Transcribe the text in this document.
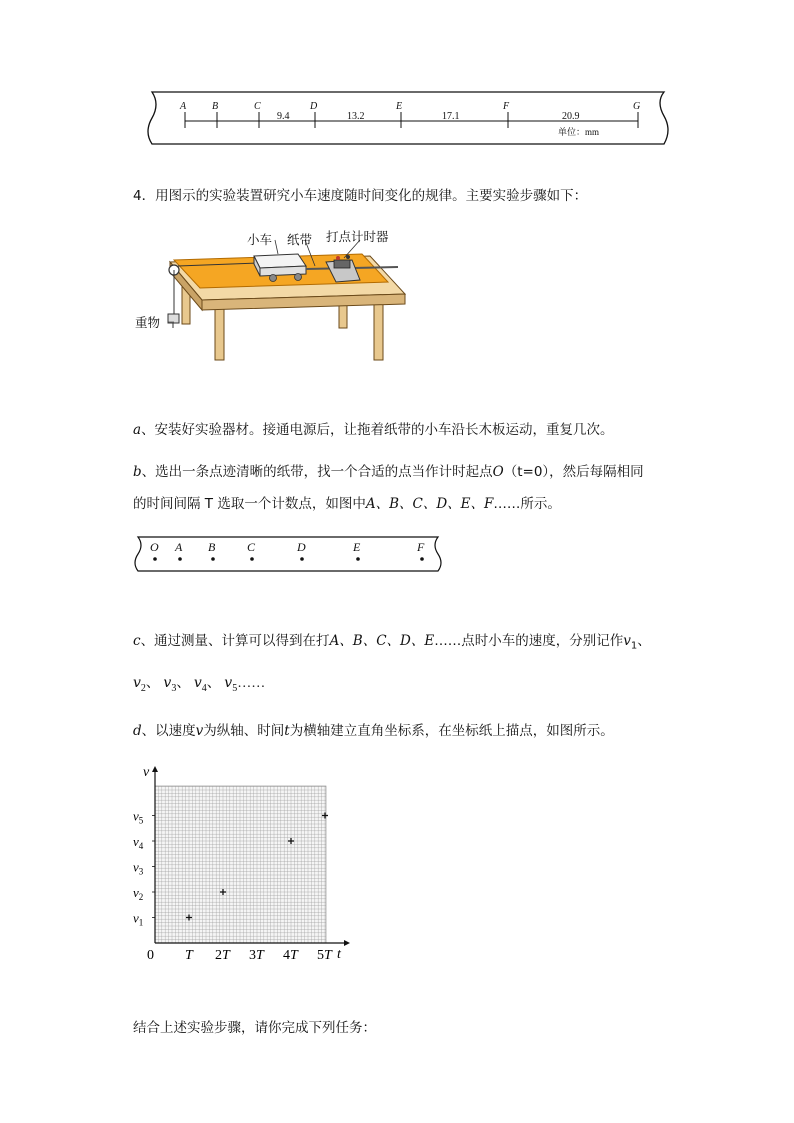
A	B	C	D	E	F	G
9.4	13.2	17.1	20.9
单位：mm
4．用图示的实验装置研究小车速度随时间变化的规律。主要实验步骤如下：
小车 纸带 打点计时器
重物
a、安装好实验器材。接通电源后，让拖着纸带的小车沿长木板运动，重复几次。
b、选出一条点迹清晰的纸带，找一个合适的点当作计时起点O（t=0），然后每隔相同
的时间间隔 T 选取一个计数点，如图中A、B、C、D、E、F……所示。
O A B	C	D	E	F
c、通过测量、计算可以得到在打A、B、C、D、E……点时小车的速度，分别记作$v_1$、
$v_2$、 $v_3$、 $v_4$、 $v_5\dots\dots$
d、以速度v为纵轴、时间t为横轴建立直角坐标系，在坐标纸上描点，如图所示。
v
t
$v_1$
$v_2$
$v_3$
$v_4$
$v_5$
0 T 2T 3T 4T 5T
结合上述实验步骤，请你完成下列任务：
